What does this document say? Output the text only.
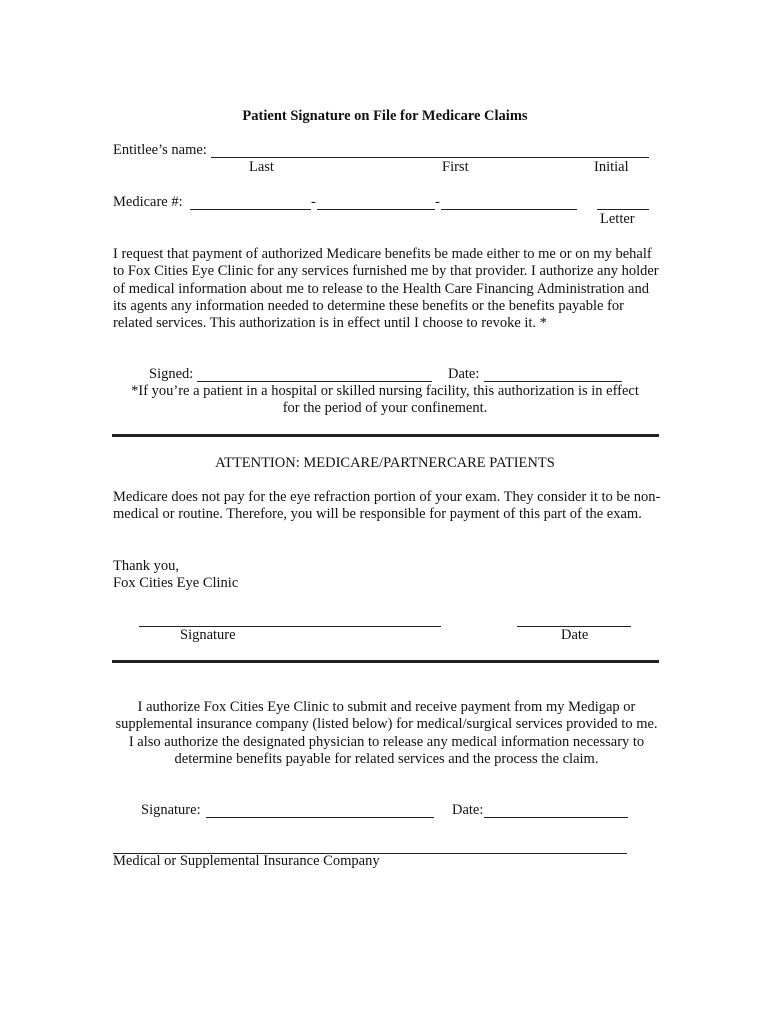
Patient Signature on File for Medicare Claims
Entitlee’s name:
Last	First	Initial
Medicare #:	-	-
Letter
I request that payment of authorized Medicare benefits be made either to me or on my behalf to Fox Cities Eye Clinic for any services furnished me by that provider. I authorize any holder of medical information about me to release to the Health Care Financing Administration and its agents any information needed to determine these benefits or the benefits payable for related services. This authorization is in effect until I choose to revoke it. *
Signed:	Date:
*If you’re a patient in a hospital or skilled nursing facility, this authorization is in effect
for the period of your confinement.
ATTENTION: MEDICARE/PARTNERCARE PATIENTS
Medicare does not pay for the eye refraction portion of your exam. They consider it to be non-medical or routine. Therefore, you will be responsible for payment of this part of the exam.
Thank you,
Fox Cities Eye Clinic
Signature	Date
I authorize Fox Cities Eye Clinic to submit and receive payment from my Medigap or supplemental insurance company (listed below) for medical/surgical services provided to me. I also authorize the designated physician to release any medical information necessary to determine benefits payable for related services and the process the claim.
Signature:	Date:
Medical or Supplemental Insurance Company
